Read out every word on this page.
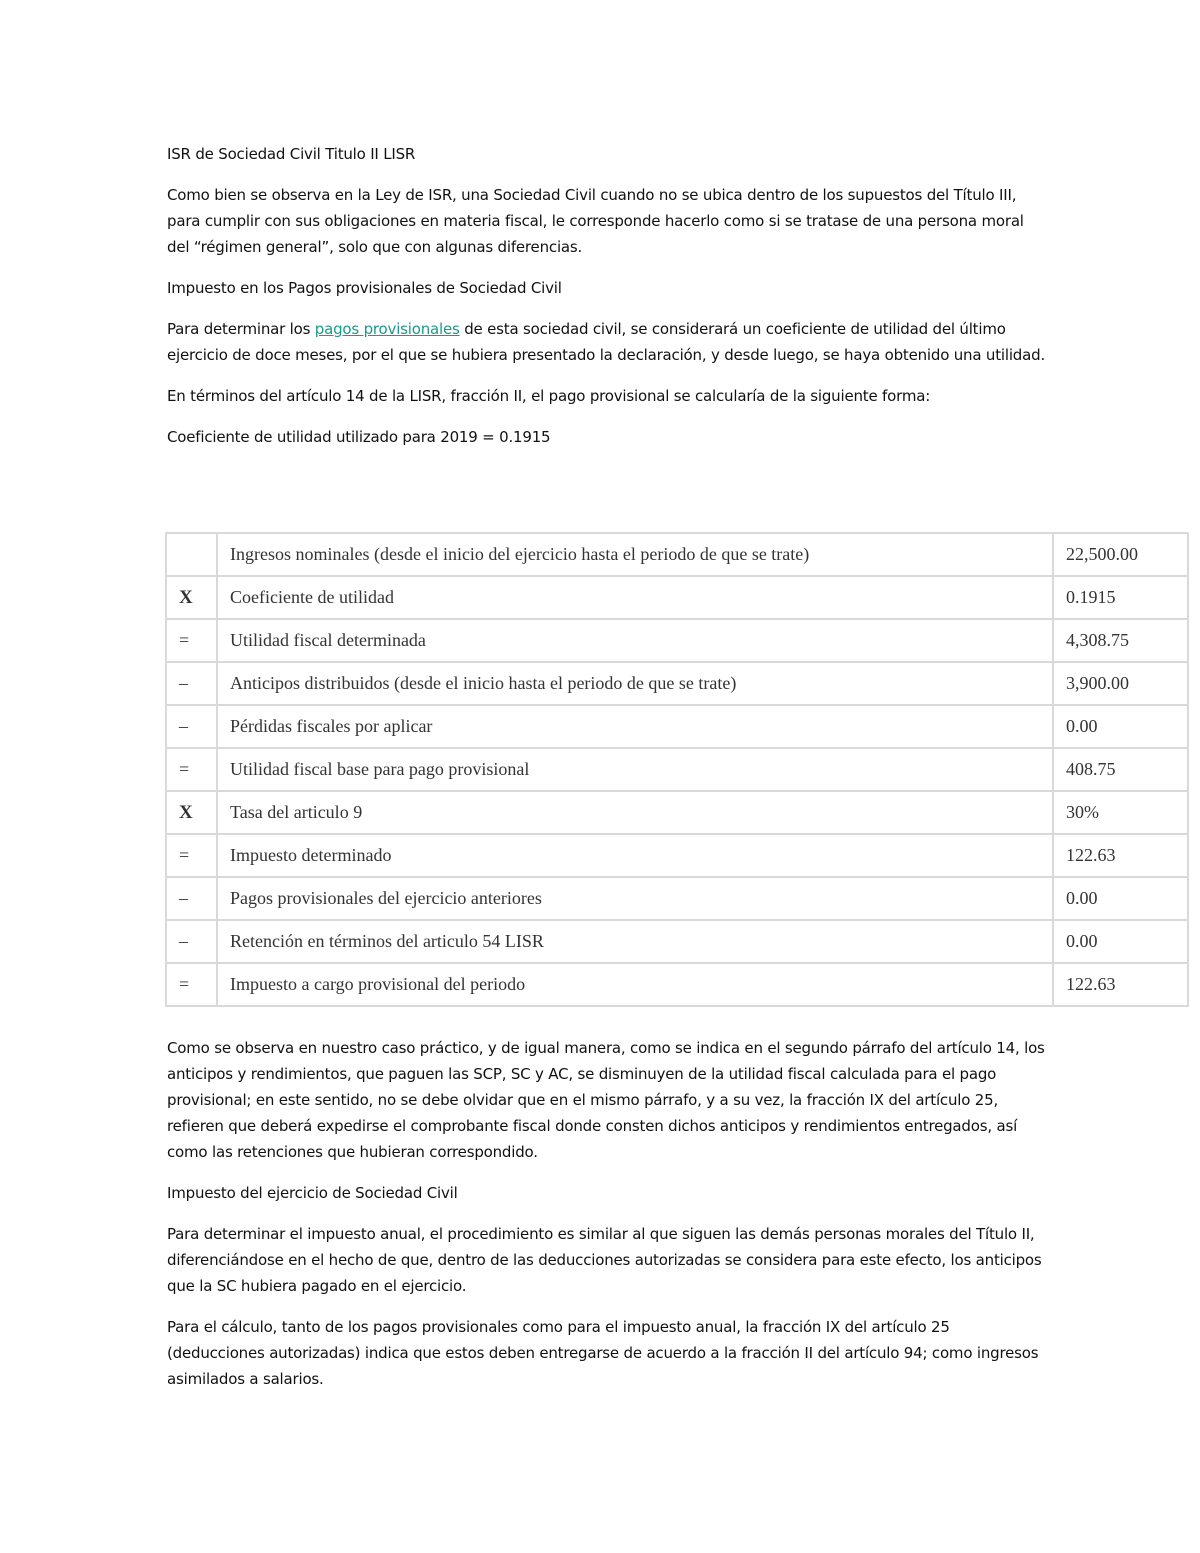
ISR de Sociedad Civil Titulo II LISR

Como bien se observa en la Ley de ISR, una Sociedad Civil cuando no se ubica dentro de los supuestos del Título III, para cumplir con sus obligaciones en materia fiscal, le corresponde hacerlo como si se tratase de una persona moral del “régimen general”, solo que con algunas diferencias.

Impuesto en los Pagos provisionales de Sociedad Civil

Para determinar los pagos provisionales de esta sociedad civil, se considerará un coeficiente de utilidad del último ejercicio de doce meses, por el que se hubiera presentado la declaración, y desde luego, se haya obtenido una utilidad.

En términos del artículo 14 de la LISR, fracción II, el pago provisional se calcularía de la siguiente forma:

Coeficiente de utilidad utilizado para 2019 = 0.1915

	Ingresos nominales (desde el inicio del ejercicio hasta el periodo de que se trate)	22,500.00
X	Coeficiente de utilidad	0.1915
=	Utilidad fiscal determinada	4,308.75
–	Anticipos distribuidos (desde el inicio hasta el periodo de que se trate)	3,900.00
–	Pérdidas fiscales por aplicar	0.00
=	Utilidad fiscal base para pago provisional	408.75
X	Tasa del articulo 9	30%
=	Impuesto determinado	122.63
–	Pagos provisionales del ejercicio anteriores	0.00
–	Retención en términos del articulo 54 LISR	0.00
=	Impuesto a cargo provisional del periodo	122.63

Como se observa en nuestro caso práctico, y de igual manera, como se indica en el segundo párrafo del artículo 14, los anticipos y rendimientos, que paguen las SCP, SC y AC, se disminuyen de la utilidad fiscal calculada para el pago provisional; en este sentido, no se debe olvidar que en el mismo párrafo, y a su vez, la fracción IX del artículo 25, refieren que deberá expedirse el comprobante fiscal donde consten dichos anticipos y rendimientos entregados, así como las retenciones que hubieran correspondido.

Impuesto del ejercicio de Sociedad Civil

Para determinar el impuesto anual, el procedimiento es similar al que siguen las demás personas morales del Título II, diferenciándose en el hecho de que, dentro de las deducciones autorizadas se considera para este efecto, los anticipos que la SC hubiera pagado en el ejercicio.

Para el cálculo, tanto de los pagos provisionales como para el impuesto anual, la fracción IX del artículo 25 (deducciones autorizadas) indica que estos deben entregarse de acuerdo a la fracción II del artículo 94; como ingresos asimilados a salarios.
